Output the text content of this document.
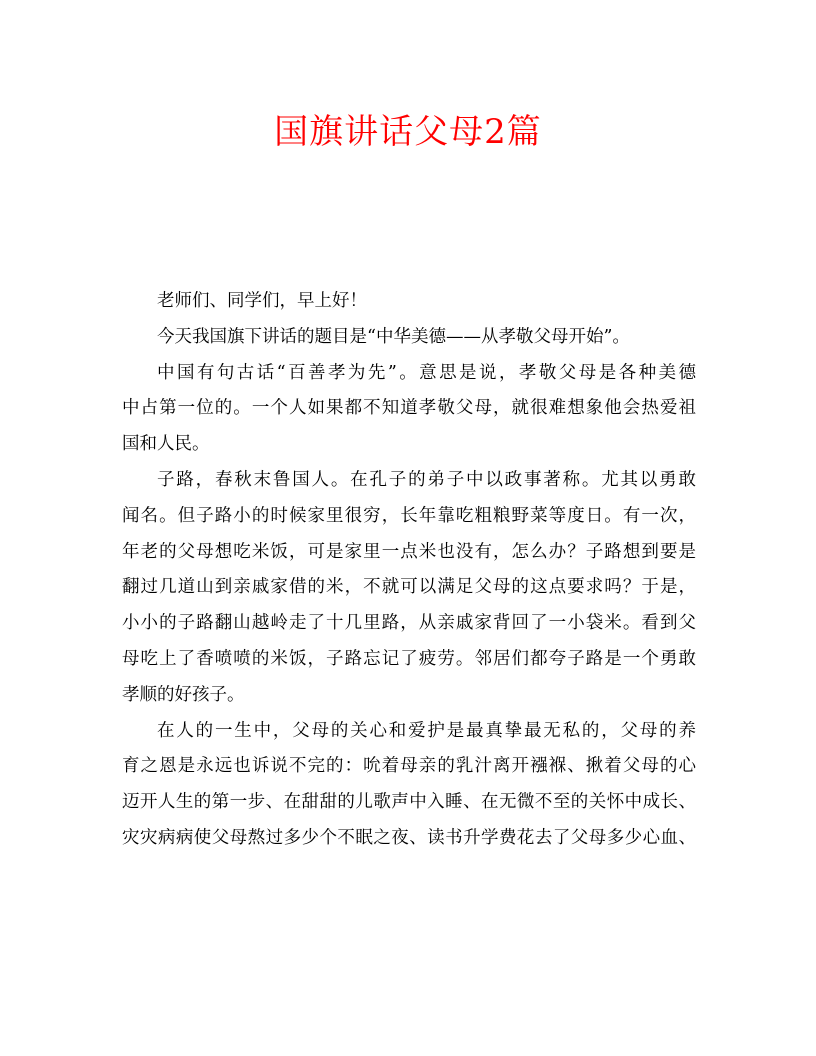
国旗讲话父母2篇
老师们、同学们，早上好！
今天我国旗下讲话的题目是“中华美德——从孝敬父母开始”。
中国有句古话“百善孝为先”。意思是说，孝敬父母是各种美德
中占第一位的。一个人如果都不知道孝敬父母，就很难想象他会热爱祖
国和人民。
子路，春秋末鲁国人。在孔子的弟子中以政事著称。尤其以勇敢
闻名。但子路小的时候家里很穷，长年靠吃粗粮野菜等度日。有一次，
年老的父母想吃米饭，可是家里一点米也没有，怎么办？子路想到要是
翻过几道山到亲戚家借的米，不就可以满足父母的这点要求吗？于是，
小小的子路翻山越岭走了十几里路，从亲戚家背回了一小袋米。看到父
母吃上了香喷喷的米饭，子路忘记了疲劳。邻居们都夸子路是一个勇敢
孝顺的好孩子。
在人的一生中，父母的关心和爱护是最真挚最无私的，父母的养
育之恩是永远也诉说不完的：吮着母亲的乳汁离开襁褓、揪着父母的心
迈开人生的第一步、在甜甜的儿歌声中入睡、在无微不至的关怀中成长、
灾灾病病使父母熬过多少个不眠之夜、读书升学费花去了父母多少心血、
